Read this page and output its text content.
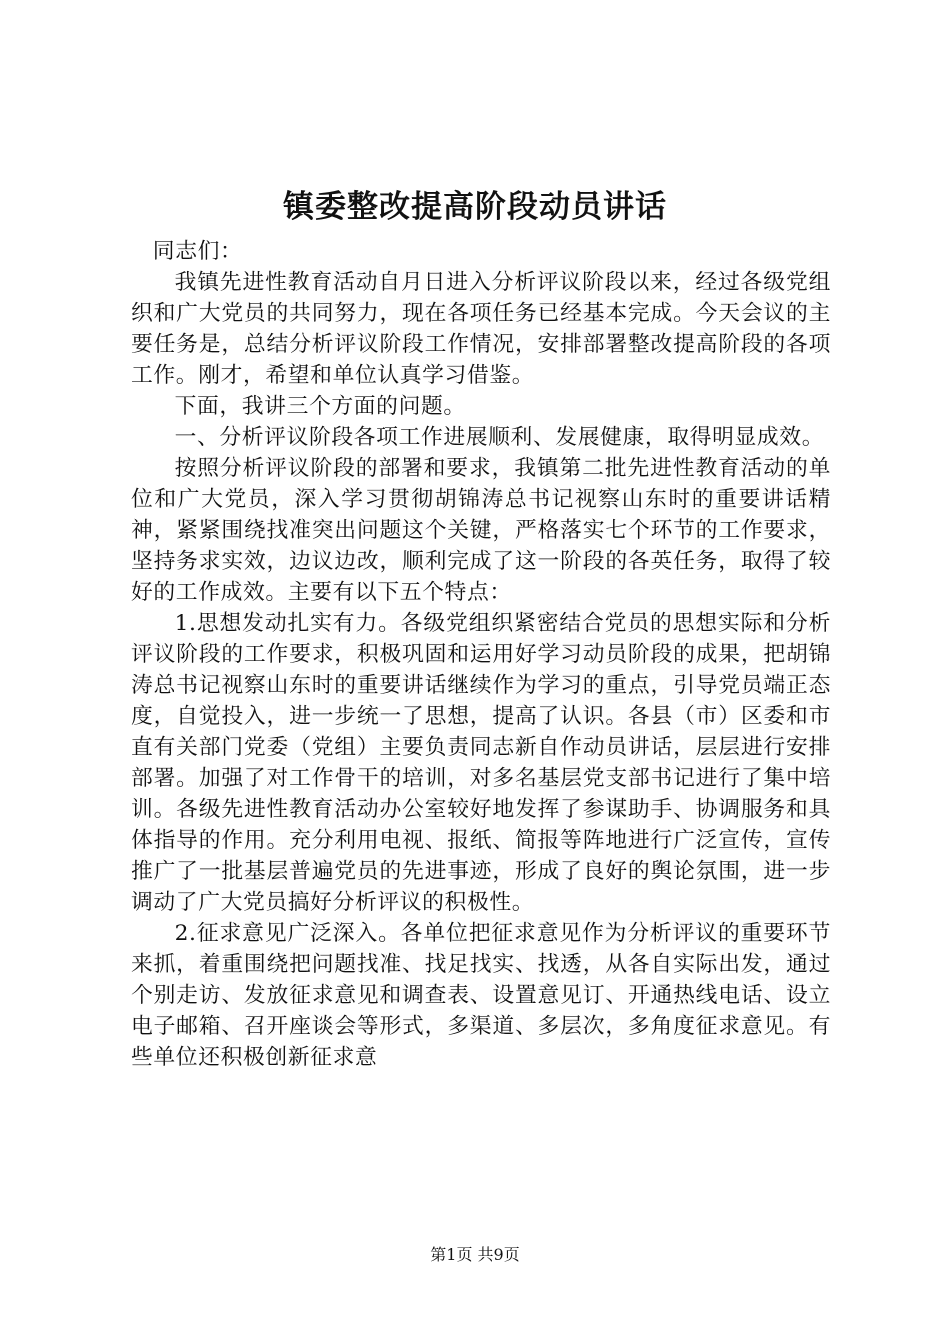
镇委整改提高阶段动员讲话

同志们：

我镇先进性教育活动自月日进入分析评议阶段以来，经过各级党组织和广大党员的共同努力，现在各项任务已经基本完成。今天会议的主要任务是，总结分析评议阶段工作情况，安排部署整改提高阶段的各项工作。刚才，希望和单位认真学习借鉴。

下面，我讲三个方面的问题。

一、分析评议阶段各项工作进展顺利、发展健康，取得明显成效。

按照分析评议阶段的部署和要求，我镇第二批先进性教育活动的单位和广大党员，深入学习贯彻胡锦涛总书记视察山东时的重要讲话精神，紧紧围绕找准突出问题这个关键，严格落实七个环节的工作要求，坚持务求实效，边议边改，顺利完成了这一阶段的各英任务，取得了较好的工作成效。主要有以下五个特点：

1.思想发动扎实有力。各级党组织紧密结合党员的思想实际和分析评议阶段的工作要求，积极巩固和运用好学习动员阶段的成果，把胡锦涛总书记视察山东时的重要讲话继续作为学习的重点，引导党员端正态度，自觉投入，进一步统一了思想，提高了认识。各县（市）区委和市直有关部门党委（党组）主要负责同志新自作动员讲话，层层进行安排部署。加强了对工作骨干的培训，对多名基层党支部书记进行了集中培训。各级先进性教育活动办公室较好地发挥了参谋助手、协调服务和具体指导的作用。充分利用电视、报纸、简报等阵地进行广泛宣传，宣传推广了一批基层普遍党员的先进事迹，形成了良好的舆论氛围，进一步调动了广大党员搞好分析评议的积极性。

2.征求意见广泛深入。各单位把征求意见作为分析评议的重要环节来抓，着重围绕把问题找准、找足找实、找透，从各自实际出发，通过个别走访、发放征求意见和调查表、设置意见订、开通热线电话、设立电子邮箱、召开座谈会等形式，多渠道、多层次，多角度征求意见。有些单位还积极创新征求意

第1页 共9页
